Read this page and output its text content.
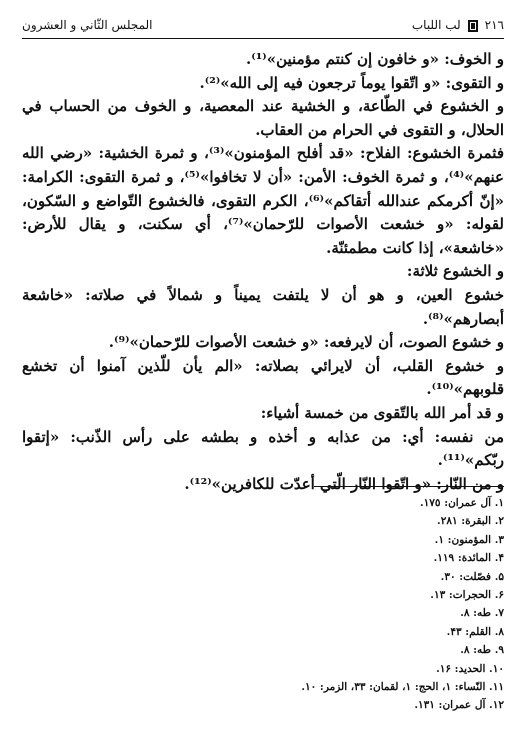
٢١٦
لب اللباب
المجلس الثّاني و العشرون

و الخوف: «و خافون إن كنتم مؤمنين»⁽¹⁾.

و التقوى: «و اتّقوا يوماً ترجعون فيه إلى الله»⁽²⁾.

و الخشوع في الطّاعة، و الخشية عند المعصية، و الخوف من الحساب في الحلال، و التقوى في الحرام من العقاب.

فثمرة الخشوع: الفلاح: «قد أفلح المؤمنون»⁽³⁾، و ثمرة الخشية: «رضي الله عنهم»⁽⁴⁾، و ثمرة الخوف: الأمن: «أن لا تخافوا»⁽⁵⁾، و ثمرة التقوى: الكرامة: «إنّ أكرمكم عندالله أتقاكم»⁽⁶⁾، الكرم التقوى، فالخشوع التّواضع و السّكون، لقوله: «و خشعت الأصوات للرّحمان»⁽⁷⁾، أي سكنت، و يقال للأرض: «خاشعة»، إذا كانت مطمئنّة.

و الخشوع ثلاثة:

خشوع العين، و هو أن لا يلتفت يميناً و شمالاً في صلاته: «خاشعة أبصارهم»⁽⁸⁾.

و خشوع الصوت، أن لايرفعه: «و خشعت الأصوات للرّحمان»⁽⁹⁾.

و خشوع القلب، أن لايرائي بصلاته: «الم يأن للّذين آمنوا أن تخشع قلوبهم»⁽¹⁰⁾.

و قد أمر الله بالتّقوى من خمسة أشياء:

من نفسه: أي: من عذابه و أخذه و بطشه على رأس الذّنب: «إتقوا ربّكم»⁽¹¹⁾.

و من النّار: «و اتّقوا النّار الّتي أعدّت للكافرين»⁽¹²⁾.

١. آل عمران: ١٧٥.
٢. البقرة: ٢٨١.
٣. المؤمنون: ١.
۴. المائدة: ١١٩.
۵. فصّلت: ٣٠.
۶. الحجرات: ١٣.
٧. طه: ٨.
٨. القلم: ۴٣.
٩. طه: ٨.
١٠. الحديد: ١۶.
١١. النّساء: ١، الحج: ١، لقمان: ٣٣، الزمر: ١٠.
١٢. آل عمران: ١٣١.
